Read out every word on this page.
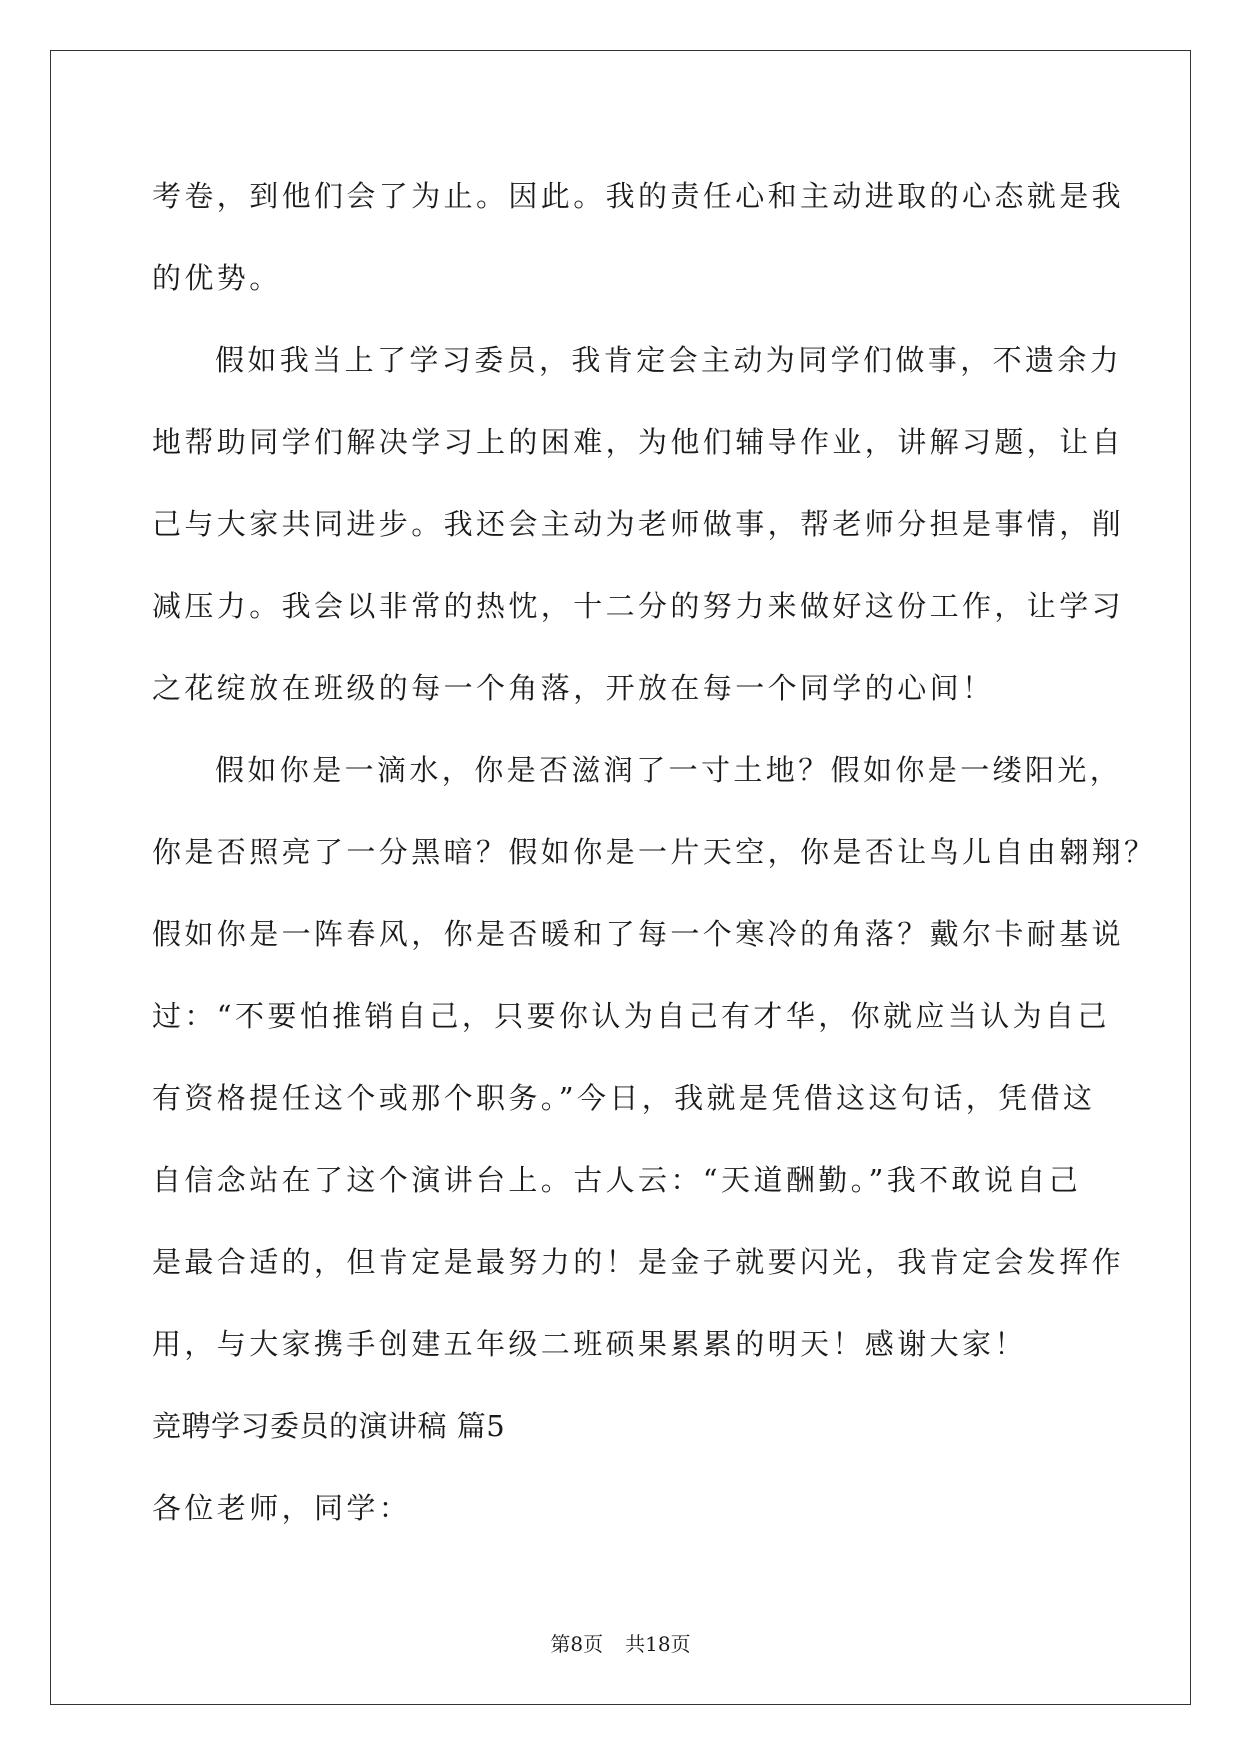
考卷，到他们会了为止。因此。我的责任心和主动进取的心态就是我
的优势。
假如我当上了学习委员，我肯定会主动为同学们做事，不遗余力
地帮助同学们解决学习上的困难，为他们辅导作业，讲解习题，让自
己与大家共同进步。我还会主动为老师做事，帮老师分担是事情，削
减压力。我会以非常的热忱，十二分的努力来做好这份工作，让学习
之花绽放在班级的每一个角落，开放在每一个同学的心间！
假如你是一滴水，你是否滋润了一寸土地？假如你是一缕阳光，
你是否照亮了一分黑暗？假如你是一片天空，你是否让鸟儿自由翱翔？
假如你是一阵春风，你是否暖和了每一个寒冷的角落？戴尔卡耐基说
过：“不要怕推销自己，只要你认为自己有才华，你就应当认为自己
有资格提任这个或那个职务。”今日，我就是凭借这这句话，凭借这
自信念站在了这个演讲台上。古人云：“天道酬勤。”我不敢说自己
是最合适的，但肯定是最努力的！是金子就要闪光，我肯定会发挥作
用，与大家携手创建五年级二班硕果累累的明天！感谢大家！
竞聘学习委员的演讲稿 篇5
各位老师，同学：
第8页 共18页
